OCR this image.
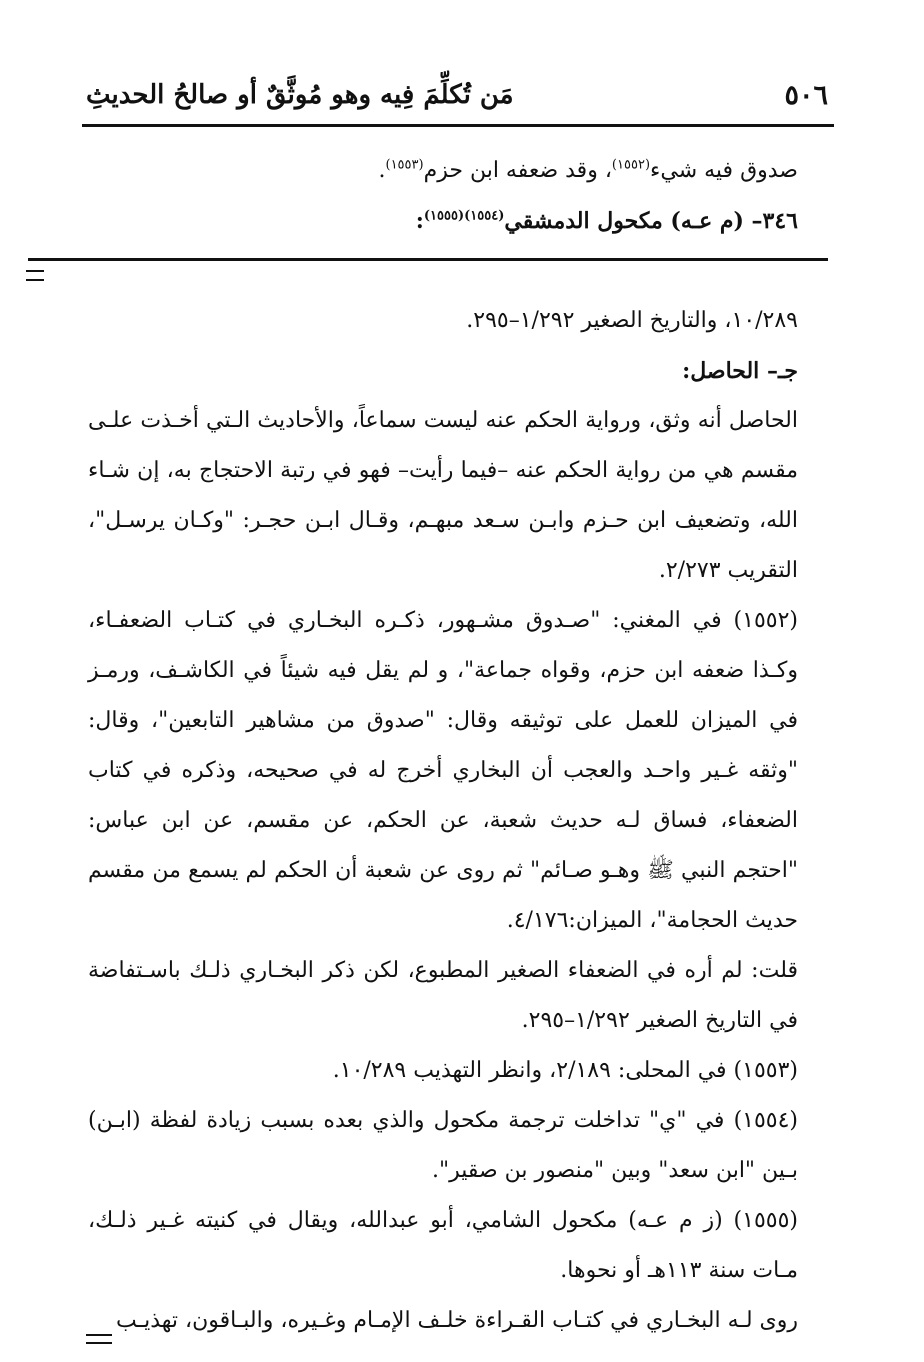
٥٠٦
مَن تُكلِّمَ فِيه وهو مُوثَّقٌ أو صالحُ الحديثِ

صدوق فيه شيء$^{(١٥٥٢)}$، وقد ضعفه ابن حزم$^{(١٥٥٣)}$.

٣٤٦– (م عـه) مكحول الدمشقي$^{(١٥٥٤)(١٥٥٥)}$:

١٠/٢٨٩، والتاريخ الصغير ١/٢٩٢–٢٩٥.

جـ– الحاصل:

الحاصل أنه وثق، ورواية الحكم عنه ليست سماعاً، والأحاديث الـتي أخـذت علـى مقسم هي من رواية الحكم عنه –فيما رأيت– فهو في رتبة الاحتجاج به، إن شـاء الله، وتضعيف ابن حـزم وابـن سـعد مبهـم، وقـال ابـن حجـر: "وكـان يرسـل"، التقريب ٢/٢٧٣.

(١٥٥٢) في المغني: "صـدوق مشـهور، ذكـره البخـاري في كتـاب الضعفـاء، وكـذا ضعفه ابن حزم، وقواه جماعة"، و لم يقل فيه شيئاً في الكاشـف، ورمـز في الميزان للعمل على توثيقه وقال: "صدوق من مشاهير التابعين"، وقال: "وثقه غـير واحـد والعجب أن البخاري أخرج له في صحيحه، وذكره في كتاب الضعفاء، فساق لـه حديث شعبة، عن الحكم، عن مقسم، عن ابن عباس: "احتجم النبي ﷺ وهـو صـائم" ثم روى عن شعبة أن الحكم لم يسمع من مقسم حديث الحجامة"، الميزان:٤/١٧٦.

قلت: لم أره في الضعفاء الصغير المطبوع، لكن ذكر البخـاري ذلـك باسـتفاضة في التاريخ الصغير ١/٢٩٢–٢٩٥.

(١٥٥٣) في المحلى: ٢/١٨٩، وانظر التهذيب ١٠/٢٨٩.

(١٥٥٤) في "ي" تداخلت ترجمة مكحول والذي بعده بسبب زيادة لفظة (ابـن) بـين "ابن سعد" وبين "منصور بن صقير".

(١٥٥٥) (ز م عـه) مكحول الشامي، أبو عبدالله، ويقال في كنيته غـير ذلـك، مـات سنة ١١٣هـ أو نحوها.

روى لـه البخـاري في كتـاب القـراءة خلـف الإمـام وغـيره، والبـاقون، تهذيـب
